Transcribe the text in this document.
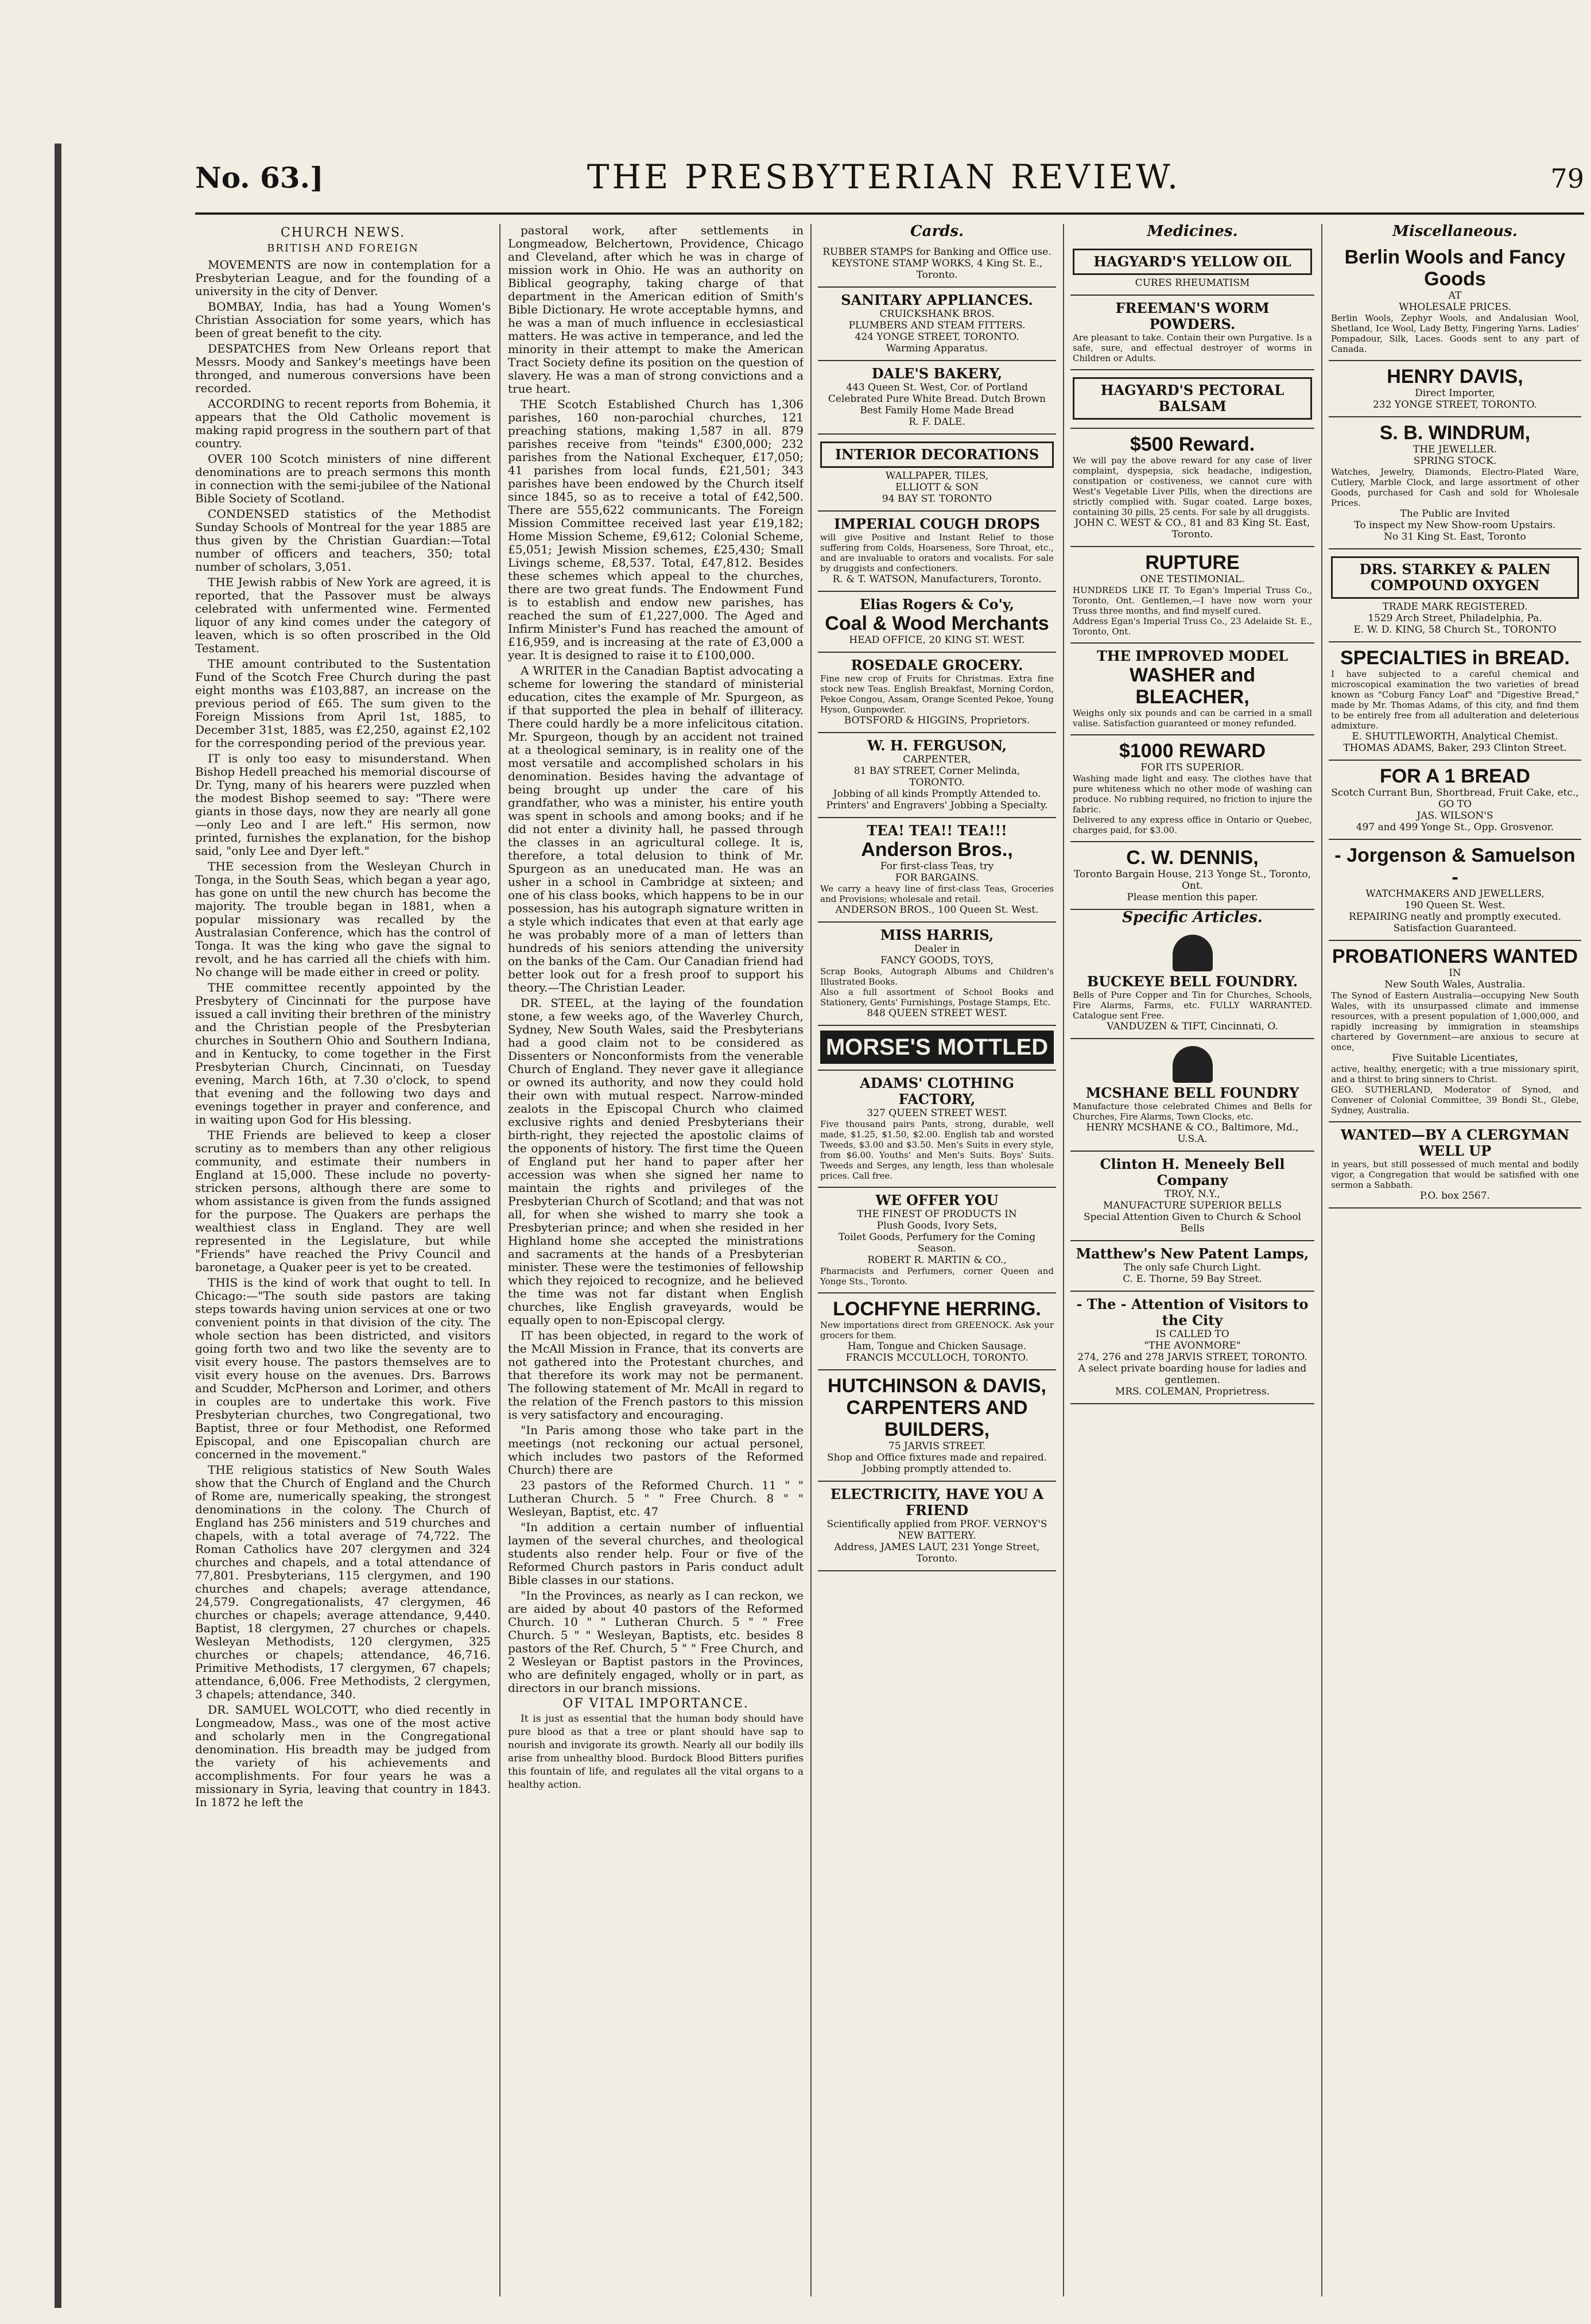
No. 63.]	THE PRESBYTERIAN REVIEW.	79
CHURCH NEWS.
BRITISH AND FOREIGN

MOVEMENTS are now in contemplation for a Presbyterian League, and for the founding of a university in the city of Denver.

BOMBAY, India, has had a Young Women's Christian Association for some years, which has been of great benefit to the city.

DESPATCHES from New Orleans report that Messrs. Moody and Sankey's meetings have been thronged, and numerous conversions have been recorded.

ACCORDING to recent reports from Bohemia, it appears that the Old Catholic movement is making rapid progress in the southern part of that country.

OVER 100 Scotch ministers of nine different denominations are to preach sermons this month in connection with the semi-jubilee of the National Bible Society of Scotland.

CONDENSED statistics of the Methodist Sunday Schools of Montreal for the year 1885 are thus given by the Christian Guardian:—Total number of officers and teachers, 350; total number of scholars, 3,051.

THE Jewish rabbis of New York are agreed, it is reported, that the Passover must be always celebrated with unfermented wine. Fermented liquor of any kind comes under the category of leaven, which is so often proscribed in the Old Testament.

THE amount contributed to the Sustentation Fund of the Scotch Free Church during the past eight months was £103,887, an increase on the previous period of £65. The sum given to the Foreign Missions from April 1st, 1885, to December 31st, 1885, was £2,250, against £2,102 for the corresponding period of the previous year.

IT is only too easy to misunderstand. When Bishop Hedell preached his memorial discourse of Dr. Tyng, many of his hearers were puzzled when the modest Bishop seemed to say: "There were giants in those days, now they are nearly all gone—only Leo and I are left." His sermon, now printed, furnishes the explanation, for the bishop said, "only Lee and Dyer left."

THE secession from the Wesleyan Church in Tonga, in the South Seas, which began a year ago, has gone on until the new church has become the majority. The trouble began in 1881, when a popular missionary was recalled by the Australasian Conference, which has the control of Tonga. It was the king who gave the signal to revolt, and he has carried all the chiefs with him. No change will be made either in creed or polity.

THE committee recently appointed by the Presbytery of Cincinnati for the purpose have issued a call inviting their brethren of the ministry and the Christian people of the Presbyterian churches in Southern Ohio and Southern Indiana, and in Kentucky, to come together in the First Presbyterian Church, Cincinnati, on Tuesday evening, March 16th, at 7.30 o'clock, to spend that evening and the following two days and evenings together in prayer and conference, and in waiting upon God for His blessing.

THE Friends are believed to keep a closer scrutiny as to members than any other religious community, and estimate their numbers in England at 15,000. These include no poverty-stricken persons, although there are some to whom assistance is given from the funds assigned for the purpose. The Quakers are perhaps the wealthiest class in England. They are well represented in the Legislature, but while "Friends" have reached the Privy Council and baronetage, a Quaker peer is yet to be created.

THIS is the kind of work that ought to tell. In Chicago:—"The south side pastors are taking steps towards having union services at one or two convenient points in that division of the city. The whole section has been districted, and visitors going forth two and two like the seventy are to visit every house. The pastors themselves are to visit every house on the avenues. Drs. Barrows and Scudder, McPherson and Lorimer, and others in couples are to undertake this work. Five Presbyterian churches, two Congregational, two Baptist, three or four Methodist, one Reformed Episcopal, and one Episcopalian church are concerned in the movement."

THE religious statistics of New South Wales show that the Church of England and the Church of Rome are, numerically speaking, the strongest denominations in the colony. The Church of England has 256 ministers and 519 churches and chapels, with a total average of 74,722. The Roman Catholics have 207 clergymen and 324 churches and chapels, and a total attendance of 77,801. Presbyterians, 115 clergymen, and 190 churches and chapels; average attendance, 24,579. Congregationalists, 47 clergymen, 46 churches or chapels; average attendance, 9,440. Baptist, 18 clergymen, 27 churches or chapels. Wesleyan Methodists, 120 clergymen, 325 churches or chapels; attendance, 46,716. Primitive Methodists, 17 clergymen, 67 chapels; attendance, 6,006. Free Methodists, 2 clergymen, 3 chapels; attendance, 340.

DR. SAMUEL WOLCOTT, who died recently in Longmeadow, Mass., was one of the most active and scholarly men in the Congregational denomination. His breadth may be judged from the variety of his achievements and accomplishments. For four years he was a missionary in Syria, leaving that country in 1843. In 1872 he left the

pastoral work, after settlements in Longmeadow, Belchertown, Providence, Chicago and Cleveland, after which he was in charge of mission work in Ohio. He was an authority on Biblical geography, taking charge of that department in the American edition of Smith's Bible Dictionary. He wrote acceptable hymns, and he was a man of much influence in ecclesiastical matters. He was active in temperance, and led the minority in their attempt to make the American Tract Society define its position on the question of slavery. He was a man of strong convictions and a true heart.

THE Scotch Established Church has 1,306 parishes, 160 non-parochial churches, 121 preaching stations, making 1,587 in all. 879 parishes receive from "teinds" £300,000; 232 parishes from the National Exchequer, £17,050; 41 parishes from local funds, £21,501; 343 parishes have been endowed by the Church itself since 1845, so as to receive a total of £42,500. There are 555,622 communicants. The Foreign Mission Committee received last year £19,182; Home Mission Scheme, £9,612; Colonial Scheme, £5,051; Jewish Mission schemes, £25,430; Small Livings scheme, £8,537. Total, £47,812. Besides these schemes which appeal to the churches, there are two great funds. The Endowment Fund is to establish and endow new parishes, has reached the sum of £1,227,000. The Aged and Infirm Minister's Fund has reached the amount of £16,959, and is increasing at the rate of £3,000 a year. It is designed to raise it to £100,000.

A WRITER in the Canadian Baptist advocating a scheme for lowering the standard of ministerial education, cites the example of Mr. Spurgeon, as if that supported the plea in behalf of illiteracy. There could hardly be a more infelicitous citation. Mr. Spurgeon, though by an accident not trained at a theological seminary, is in reality one of the most versatile and accomplished scholars in his denomination. Besides having the advantage of being brought up under the care of his grandfather, who was a minister, his entire youth was spent in schools and among books; and if he did not enter a divinity hall, he passed through the classes in an agricultural college. It is, therefore, a total delusion to think of Mr. Spurgeon as an uneducated man. He was an usher in a school in Cambridge at sixteen; and one of his class books, which happens to be in our possession, has his autograph signature written in a style which indicates that even at that early age he was probably more of a man of letters than hundreds of his seniors attending the university on the banks of the Cam. Our Canadian friend had better look out for a fresh proof to support his theory.—The Christian Leader.

DR. STEEL, at the laying of the foundation stone, a few weeks ago, of the Waverley Church, Sydney, New South Wales, said the Presbyterians had a good claim not to be considered as Dissenters or Nonconformists from the venerable Church of England. They never gave it allegiance or owned its authority, and now they could hold their own with mutual respect. Narrow-minded zealots in the Episcopal Church who claimed exclusive rights and denied Presbyterians their birth-right, they rejected the apostolic claims of the opponents of history. The first time the Queen of England put her hand to paper after her accession was when she signed her name to maintain the rights and privileges of the Presbyterian Church of Scotland; and that was not all, for when she wished to marry she took a Presbyterian prince; and when she resided in her Highland home she accepted the ministrations and sacraments at the hands of a Presbyterian minister. These were the testimonies of fellowship which they rejoiced to recognize, and he believed the time was not far distant when English churches, like English graveyards, would be equally open to non-Episcopal clergy.

IT has been objected, in regard to the work of the McAll Mission in France, that its converts are not gathered into the Protestant churches, and that therefore its work may not be permanent. The following statement of Mr. McAll in regard to the relation of the French pastors to this mission is very satisfactory and encouraging.

"In Paris among those who take part in the meetings (not reckoning our actual personel, which includes two pastors of the Reformed Church) there are

23 pastors of the Reformed Church. 11 " " Lutheran Church. 5 " " Free Church. 8 " " Wesleyan, Baptist, etc. 47

"In addition a certain number of influential laymen of the several churches, and theological students also render help. Four or five of the Reformed Church pastors in Paris conduct adult Bible classes in our stations.

"In the Provinces, as nearly as I can reckon, we are aided by about 40 pastors of the Reformed Church. 10 " " Lutheran Church. 5 " " Free Church. 5 " " Wesleyan, Baptists, etc. besides 8 pastors of the Ref. Church, 5 " " Free Church, and 2 Wesleyan or Baptist pastors in the Provinces, who are definitely engaged, wholly or in part, as directors in our branch missions.

OF VITAL IMPORTANCE.

It is just as essential that the human body should have pure blood as that a tree or plant should have sap to nourish and invigorate its growth. Nearly all our bodily ills arise from unhealthy blood. Burdock Blood Bitters purifies this fountain of life, and regulates all the vital organs to a healthy action.

Cards.
RUBBER STAMPS for Banking and Office use.
KEYSTONE STAMP WORKS, 4 King St. E., Toronto.
SANITARY APPLIANCES.
CRUICKSHANK BROS.
PLUMBERS AND STEAM FITTERS.
424 YONGE STREET, TORONTO.
Warming Apparatus.
DALE'S BAKERY,
443 Queen St. West, Cor. of Portland
Celebrated Pure White Bread. Dutch Brown
Best Family Home Made Bread
R. F. DALE.
INTERIOR DECORATIONS
WALLPAPER, TILES,
ELLIOTT & SON
94 BAY ST. TORONTO
IMPERIAL COUGH DROPS
will give Positive and Instant Relief to those suffering from Colds, Hoarseness, Sore Throat, etc., and are invaluable to orators and vocalists. For sale by druggists and confectioners.
R. & T. WATSON, Manufacturers, Toronto.
Elias Rogers & Co'y,
Coal & Wood Merchants
HEAD OFFICE, 20 KING ST. WEST.
ROSEDALE GROCERY.
Fine new crop of Fruits for Christmas. Extra fine stock new Teas. English Breakfast, Morning Cordon, Pekoe Congou, Assam, Orange Scented Pekoe, Young Hyson, Gunpowder.
BOTSFORD & HIGGINS, Proprietors.
W. H. FERGUSON,
CARPENTER,
81 BAY STREET, Corner Melinda,
TORONTO.
Jobbing of all kinds Promptly Attended to.
Printers' and Engravers' Jobbing a Specialty.
TEA! TEA!! TEA!!!
Anderson Bros.,
For first-class Teas, try
FOR BARGAINS.
We carry a heavy line of first-class Teas, Groceries and Provisions; wholesale and retail.
ANDERSON BROS., 100 Queen St. West.
MISS HARRIS,
Dealer in
FANCY GOODS, TOYS,
Scrap Books, Autograph Albums and Children's Illustrated Books.
Also a full assortment of School Books and Stationery, Gents' Furnishings, Postage Stamps, Etc.
848 QUEEN STREET WEST.
MORSE'S MOTTLED
ADAMS' CLOTHING FACTORY,
327 QUEEN STREET WEST.
Five thousand pairs Pants, strong, durable, well made, $1.25, $1.50, $2.00. English tab and worsted Tweeds, $3.00 and $3.50. Men's Suits in every style, from $6.00. Youths' and Men's Suits. Boys' Suits. Tweeds and Serges, any length, less than wholesale prices. Call free.
WE OFFER YOU
THE FINEST OF PRODUCTS IN
Plush Goods, Ivory Sets,
Toilet Goods, Perfumery for the Coming Season.
ROBERT R. MARTIN & CO.,
Pharmacists and Perfumers, corner Queen and Yonge Sts., Toronto.
LOCHFYNE HERRING.
New importations direct from GREENOCK. Ask your grocers for them.
Ham, Tongue and Chicken Sausage.
FRANCIS MCCULLOCH, TORONTO.
HUTCHINSON & DAVIS, CARPENTERS AND BUILDERS,
75 JARVIS STREET.
Shop and Office fixtures made and repaired.
Jobbing promptly attended to.
ELECTRICITY, HAVE YOU A FRIEND
Scientifically applied from PROF. VERNOY'S NEW BATTERY.
Address, JAMES LAUT, 231 Yonge Street, Toronto.
Medicines.
HAGYARD'S YELLOW OIL
CURES RHEUMATISM
FREEMAN'S WORM POWDERS.
Are pleasant to take. Contain their own Purgative. Is a safe, sure, and effectual destroyer of worms in Children or Adults.
HAGYARD'S PECTORAL BALSAM
$500 Reward.
We will pay the above reward for any case of liver complaint, dyspepsia, sick headache, indigestion, constipation or costiveness, we cannot cure with West's Vegetable Liver Pills, when the directions are strictly complied with. Sugar coated. Large boxes, containing 30 pills, 25 cents. For sale by all druggists.
JOHN C. WEST & CO., 81 and 83 King St. East, Toronto.
RUPTURE
ONE TESTIMONIAL.
HUNDREDS LIKE IT. To Egan's Imperial Truss Co., Toronto, Ont. Gentlemen,—I have now worn your Truss three months, and find myself cured.
Address Egan's Imperial Truss Co., 23 Adelaide St. E., Toronto, Ont.
THE IMPROVED MODEL
WASHER and BLEACHER,
Weighs only six pounds and can be carried in a small valise. Satisfaction guaranteed or money refunded.
$1000 REWARD
FOR ITS SUPERIOR.
Washing made light and easy. The clothes have that pure whiteness which no other mode of washing can produce. No rubbing required, no friction to injure the fabric.
Delivered to any express office in Ontario or Quebec, charges paid, for $3.00.
C. W. DENNIS,
Toronto Bargain House, 213 Yonge St., Toronto, Ont.
Please mention this paper.
Specific Articles.
BUCKEYE BELL FOUNDRY.
Bells of Pure Copper and Tin for Churches, Schools, Fire Alarms, Farms, etc. FULLY WARRANTED. Catalogue sent Free.
VANDUZEN & TIFT, Cincinnati, O.
MCSHANE BELL FOUNDRY
Manufacture those celebrated Chimes and Bells for Churches, Fire Alarms, Town Clocks, etc.
HENRY MCSHANE & CO., Baltimore, Md., U.S.A.
Clinton H. Meneely Bell Company
TROY, N.Y.,
MANUFACTURE SUPERIOR BELLS
Special Attention Given to Church & School Bells
Matthew's New Patent Lamps,
The only safe Church Light.
C. E. Thorne, 59 Bay Street.
- The - Attention of Visitors to the City
IS CALLED TO
"THE AVONMORE"
274, 276 and 278 JARVIS STREET, TORONTO.
A select private boarding house for ladies and gentlemen.
MRS. COLEMAN, Proprietress.
Miscellaneous.
Berlin Wools and Fancy Goods
AT
WHOLESALE PRICES.
Berlin Wools, Zephyr Wools, and Andalusian Wool, Shetland, Ice Wool, Lady Betty, Fingering Yarns. Ladies' Pompadour, Silk, Laces. Goods sent to any part of Canada.
HENRY DAVIS,
Direct Importer,
232 YONGE STREET, TORONTO.
S. B. WINDRUM,
THE JEWELLER.
SPRING STOCK.
Watches, Jewelry, Diamonds, Electro-Plated Ware, Cutlery, Marble Clock, and large assortment of other Goods, purchased for Cash and sold for Wholesale Prices.
The Public are Invited
To inspect my New Show-room Upstairs.
No 31 King St. East, Toronto
DRS. STARKEY & PALEN COMPOUND OXYGEN
TRADE MARK REGISTERED.
1529 Arch Street, Philadelphia, Pa.
E. W. D. KING, 58 Church St., TORONTO
SPECIALTIES in BREAD.
I have subjected to a careful chemical and microscopical examination the two varieties of bread known as "Coburg Fancy Loaf" and "Digestive Bread," made by Mr. Thomas Adams, of this city, and find them to be entirely free from all adulteration and deleterious admixture.
E. SHUTTLEWORTH, Analytical Chemist.
THOMAS ADAMS, Baker, 293 Clinton Street.
FOR A 1 BREAD
Scotch Currant Bun, Shortbread, Fruit Cake, etc.,
GO TO
JAS. WILSON'S
497 and 499 Yonge St., Opp. Grosvenor.
- Jorgenson & Samuelson -
WATCHMAKERS AND JEWELLERS,
190 Queen St. West.
REPAIRING neatly and promptly executed.
Satisfaction Guaranteed.
PROBATIONERS WANTED
IN
New South Wales, Australia.
The Synod of Eastern Australia—occupying New South Wales, with its unsurpassed climate and immense resources, with a present population of 1,000,000, and rapidly increasing by immigration in steamships chartered by Government—are anxious to secure at once,
Five Suitable Licentiates,
active, healthy, energetic; with a true missionary spirit, and a thirst to bring sinners to Christ.
GEO. SUTHERLAND, Moderator of Synod, and Convener of Colonial Committee, 39 Bondi St., Glebe, Sydney, Australia.
WANTED—BY A CLERGYMAN WELL UP
in years, but still possessed of much mental and bodily vigor, a Congregation that would be satisfied with one sermon a Sabbath.
P.O. box 2567.
